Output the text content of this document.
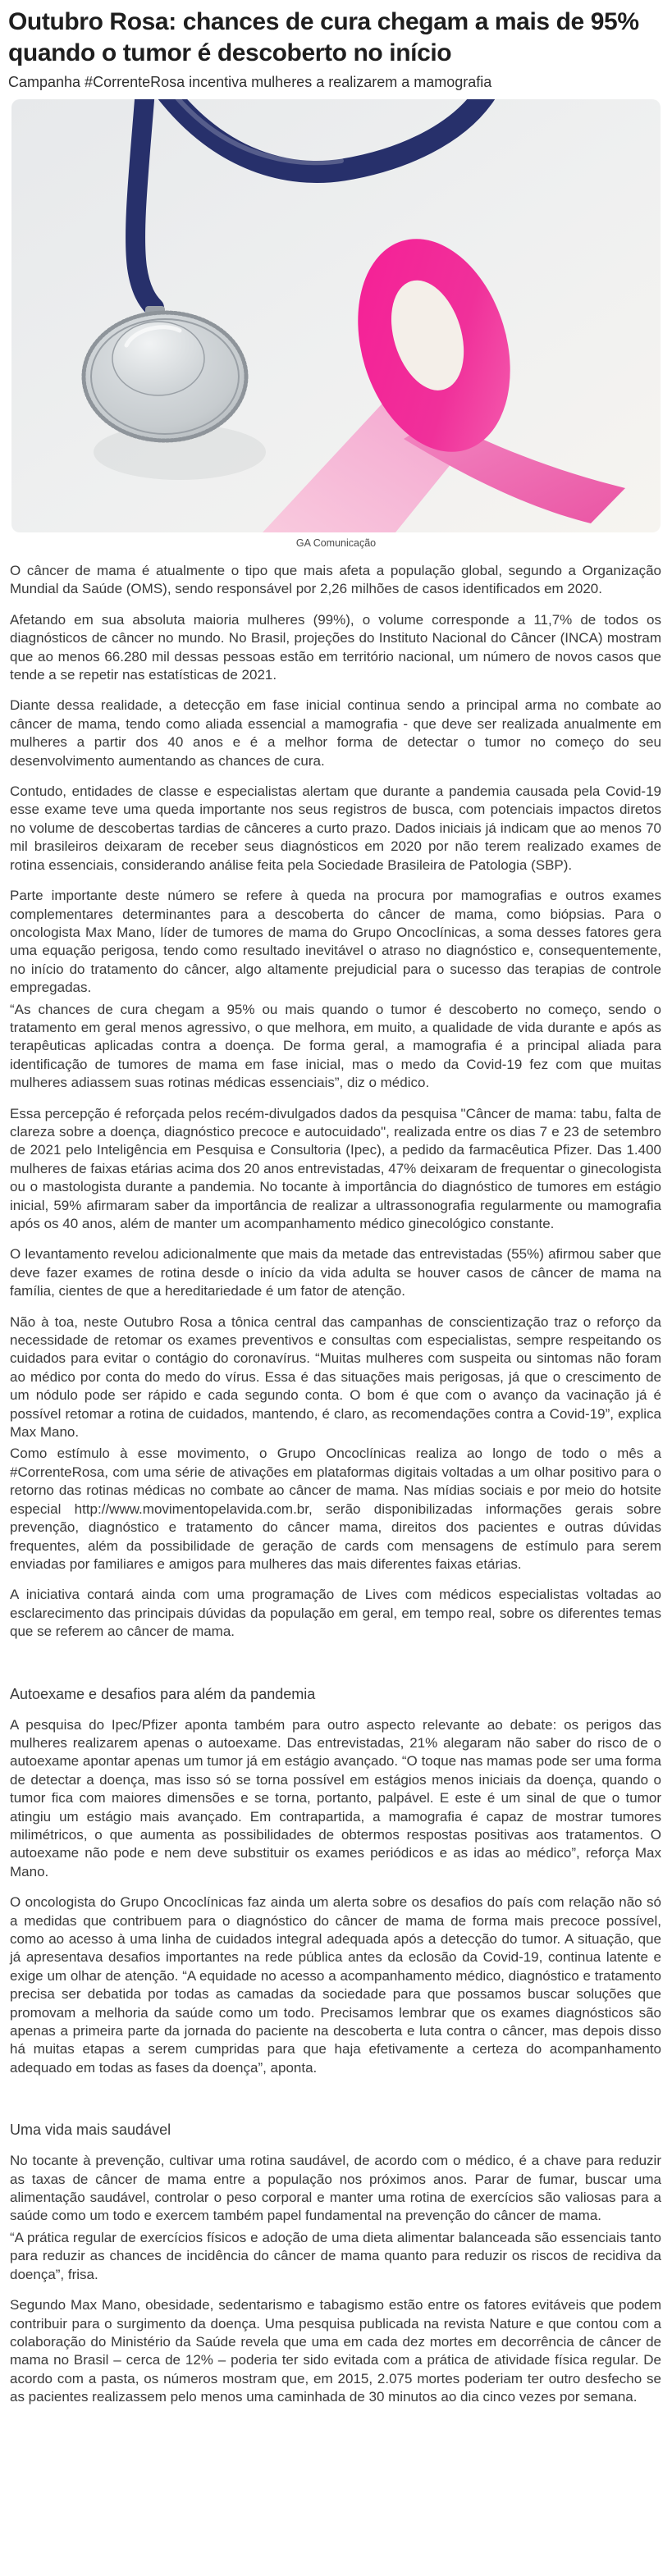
Outubro Rosa: chances de cura chegam a mais de 95% quando o tumor é descoberto no início
Campanha #CorrenteRosa incentiva mulheres a realizarem a mamografia
GA Comunicação

O câncer de mama é atualmente o tipo que mais afeta a população global, segundo a Organização Mundial da Saúde (OMS), sendo responsável por 2,26 milhões de casos identificados em 2020.

Afetando em sua absoluta maioria mulheres (99%), o volume corresponde a 11,7% de todos os diagnósticos de câncer no mundo. No Brasil, projeções do Instituto Nacional do Câncer (INCA) mostram que ao menos 66.280 mil dessas pessoas estão em território nacional, um número de novos casos que tende a se repetir nas estatísticas de 2021.

Diante dessa realidade, a detecção em fase inicial continua sendo a principal arma no combate ao câncer de mama, tendo como aliada essencial a mamografia - que deve ser realizada anualmente em mulheres a partir dos 40 anos e é a melhor forma de detectar o tumor no começo do seu desenvolvimento aumentando as chances de cura.

Contudo, entidades de classe e especialistas alertam que durante a pandemia causada pela Covid-19 esse exame teve uma queda importante nos seus registros de busca, com potenciais impactos diretos no volume de descobertas tardias de cânceres a curto prazo. Dados iniciais já indicam que ao menos 70 mil brasileiros deixaram de receber seus diagnósticos em 2020 por não terem realizado exames de rotina essenciais, considerando análise feita pela Sociedade Brasileira de Patologia (SBP).

Parte importante deste número se refere à queda na procura por mamografias e outros exames complementares determinantes para a descoberta do câncer de mama, como biópsias. Para o oncologista Max Mano, líder de tumores de mama do Grupo Oncoclínicas, a soma desses fatores gera uma equação perigosa, tendo como resultado inevitável o atraso no diagnóstico e, consequentemente, no início do tratamento do câncer, algo altamente prejudicial para o sucesso das terapias de controle empregadas.

“As chances de cura chegam a 95% ou mais quando o tumor é descoberto no começo, sendo o tratamento em geral menos agressivo, o que melhora, em muito, a qualidade de vida durante e após as terapêuticas aplicadas contra a doença. De forma geral, a mamografia é a principal aliada para identificação de tumores de mama em fase inicial, mas o medo da Covid-19 fez com que muitas mulheres adiassem suas rotinas médicas essenciais”, diz o médico.

Essa percepção é reforçada pelos recém-divulgados dados da pesquisa "Câncer de mama: tabu, falta de clareza sobre a doença, diagnóstico precoce e autocuidado", realizada entre os dias 7 e 23 de setembro de 2021 pelo Inteligência em Pesquisa e Consultoria (Ipec), a pedido da farmacêutica Pfizer. Das 1.400 mulheres de faixas etárias acima dos 20 anos entrevistadas, 47% deixaram de frequentar o ginecologista ou o mastologista durante a pandemia. No tocante à importância do diagnóstico de tumores em estágio inicial, 59% afirmaram saber da importância de realizar a ultrassonografia regularmente ou mamografia após os 40 anos, além de manter um acompanhamento médico ginecológico constante.

O levantamento revelou adicionalmente que mais da metade das entrevistadas (55%) afirmou saber que deve fazer exames de rotina desde o início da vida adulta se houver casos de câncer de mama na família, cientes de que a hereditariedade é um fator de atenção.

Não à toa, neste Outubro Rosa a tônica central das campanhas de conscientização traz o reforço da necessidade de retomar os exames preventivos e consultas com especialistas, sempre respeitando os cuidados para evitar o contágio do coronavírus. “Muitas mulheres com suspeita ou sintomas não foram ao médico por conta do medo do vírus. Essa é das situações mais perigosas, já que o crescimento de um nódulo pode ser rápido e cada segundo conta. O bom é que com o avanço da vacinação já é possível retomar a rotina de cuidados, mantendo, é claro, as recomendações contra a Covid-19”, explica Max Mano.

Como estímulo à esse movimento, o Grupo Oncoclínicas realiza ao longo de todo o mês a #CorrenteRosa, com uma série de ativações em plataformas digitais voltadas a um olhar positivo para o retorno das rotinas médicas no combate ao câncer de mama. Nas mídias sociais e por meio do hotsite especial http://www.movimentopelavida.com.br, serão disponibilizadas informações gerais sobre prevenção, diagnóstico e tratamento do câncer mama, direitos dos pacientes e outras dúvidas frequentes, além da possibilidade de geração de cards com mensagens de estímulo para serem enviadas por familiares e amigos para mulheres das mais diferentes faixas etárias.

A iniciativa contará ainda com uma programação de Lives com médicos especialistas voltadas ao esclarecimento das principais dúvidas da população em geral, em tempo real, sobre os diferentes temas que se referem ao câncer de mama.

Autoexame e desafios para além da pandemia

A pesquisa do Ipec/Pfizer aponta também para outro aspecto relevante ao debate: os perigos das mulheres realizarem apenas o autoexame. Das entrevistadas, 21% alegaram não saber do risco de o autoexame apontar apenas um tumor já em estágio avançado. “O toque nas mamas pode ser uma forma de detectar a doença, mas isso só se torna possível em estágios menos iniciais da doença, quando o tumor fica com maiores dimensões e se torna, portanto, palpável. E este é um sinal de que o tumor atingiu um estágio mais avançado. Em contrapartida, a mamografia é capaz de mostrar tumores milimétricos, o que aumenta as possibilidades de obtermos respostas positivas aos tratamentos. O autoexame não pode e nem deve substituir os exames periódicos e as idas ao médico”, reforça Max Mano.

O oncologista do Grupo Oncoclínicas faz ainda um alerta sobre os desafios do país com relação não só a medidas que contribuem para o diagnóstico do câncer de mama de forma mais precoce possível, como ao acesso à uma linha de cuidados integral adequada após a detecção do tumor. A situação, que já apresentava desafios importantes na rede pública antes da eclosão da Covid-19, continua latente e exige um olhar de atenção. “A equidade no acesso a acompanhamento médico, diagnóstico e tratamento precisa ser debatida por todas as camadas da sociedade para que possamos buscar soluções que promovam a melhoria da saúde como um todo. Precisamos lembrar que os exames diagnósticos são apenas a primeira parte da jornada do paciente na descoberta e luta contra o câncer, mas depois disso há muitas etapas a serem cumpridas para que haja efetivamente a certeza do acompanhamento adequado em todas as fases da doença”, aponta.

Uma vida mais saudável

No tocante à prevenção, cultivar uma rotina saudável, de acordo com o médico, é a chave para reduzir as taxas de câncer de mama entre a população nos próximos anos. Parar de fumar, buscar uma alimentação saudável, controlar o peso corporal e manter uma rotina de exercícios são valiosas para a saúde como um todo e exercem também papel fundamental na prevenção do câncer de mama.

“A prática regular de exercícios físicos e adoção de uma dieta alimentar balanceada são essenciais tanto para reduzir as chances de incidência do câncer de mama quanto para reduzir os riscos de recidiva da doença”, frisa.

Segundo Max Mano, obesidade, sedentarismo e tabagismo estão entre os fatores evitáveis que podem contribuir para o surgimento da doença. Uma pesquisa publicada na revista Nature e que contou com a colaboração do Ministério da Saúde revela que uma em cada dez mortes em decorrência de câncer de mama no Brasil – cerca de 12% – poderia ter sido evitada com a prática de atividade física regular. De acordo com a pasta, os números mostram que, em 2015, 2.075 mortes poderiam ter outro desfecho se as pacientes realizassem pelo menos uma caminhada de 30 minutos ao dia cinco vezes por semana.
